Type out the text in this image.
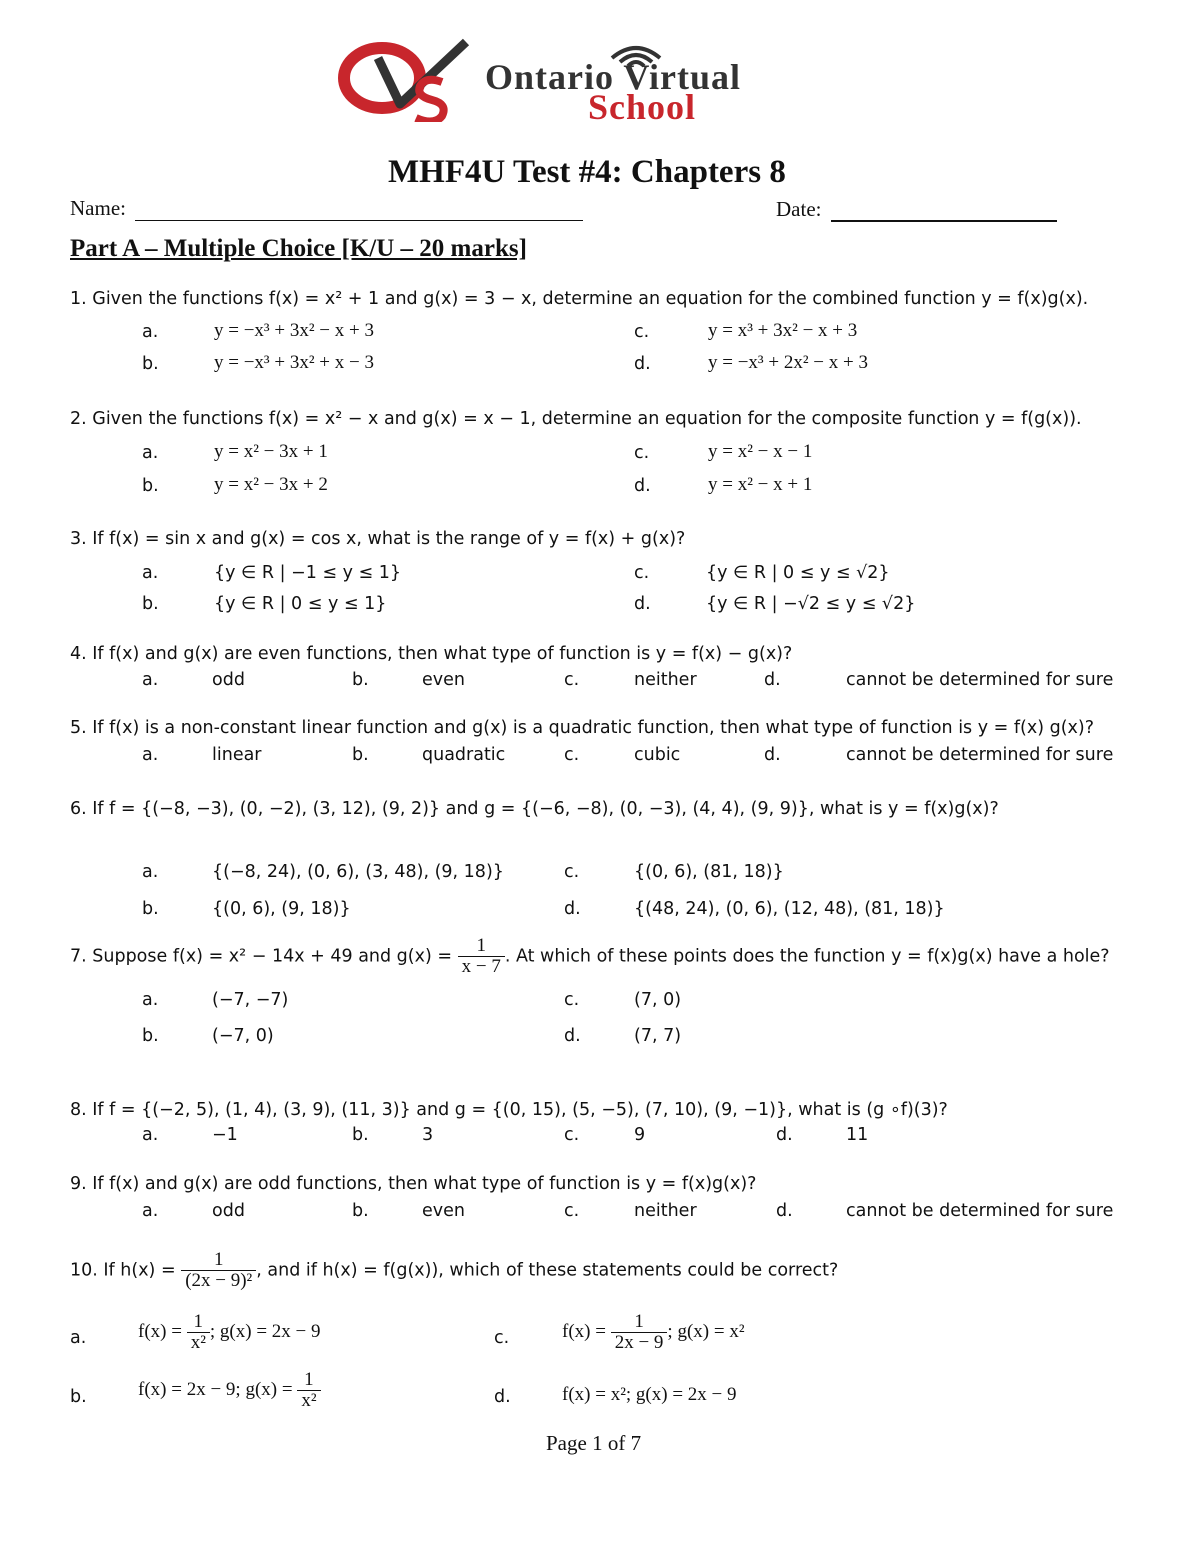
Ontario Virtual
School
MHF4U Test #4: Chapters 8
Name:	Date:
Part A – Multiple Choice [K/U – 20 marks]
1. Given the functions f(x) = x² + 1 and g(x) = 3 − x, determine an equation for the combined function y = f(x)g(x).
a.	y = −x³ + 3x² − x + 3	c.	y = x³ + 3x² − x + 3
b.	y = −x³ + 3x² + x − 3	d.	y = −x³ + 2x² − x + 3
2. Given the functions f(x) = x² − x and g(x) = x − 1, determine an equation for the composite function y = f(g(x)).
a.	y = x² − 3x + 1	c.	y = x² − x − 1
b.	y = x² − 3x + 2	d.	y = x² − x + 1
3. If f(x) = sin x and g(x) = cos x, what is the range of y = f(x) + g(x)?
a.	{y ∈ R | −1 ≤ y ≤ 1}	c.	{y ∈ R | 0 ≤ y ≤ √2}
b.	{y ∈ R | 0 ≤ y ≤ 1}	d.	{y ∈ R | −√2 ≤ y ≤ √2}
4. If f(x) and g(x) are even functions, then what type of function is y = f(x) − g(x)?
a.	odd	b.	even	c.	neither	d.	cannot be determined for sure
5. If f(x) is a non-constant linear function and g(x) is a quadratic function, then what type of function is y = f(x) g(x)?
a.	linear	b.	quadratic	c.	cubic	d.	cannot be determined for sure
6. If f = {(−8, −3), (0, −2), (3, 12), (9, 2)} and g = {(−6, −8), (0, −3), (4, 4), (9, 9)}, what is y = f(x)g(x)?
a.	{(−8, 24), (0, 6), (3, 48), (9, 18)}	c.	{(0, 6), (81, 18)}
b.	{(0, 6), (9, 18)}	d.	{(48, 24), (0, 6), (12, 48), (81, 18)}
7. Suppose f(x) = x² − 14x + 49 and $g(x) = \frac{1}{x - 7}$ . At which of these points does the function y = f(x)g(x) have a hole?
a.	(−7, −7)	c.	(7, 0)
b.	(−7, 0)	d.	(7, 7)
8. If f = {(−2, 5), (1, 4), (3, 9), (11, 3)} and g = {(0, 15), (5, −5), (7, 10), (9, −1)}, what is (g ∘f)(3)?
a.	−1	b.	3	c.	9	d.	11
9. If f(x) and g(x) are odd functions, then what type of function is y = f(x)g(x)?
a.	odd	b.	even	c.	neither	d.	cannot be determined for sure
10. If $h(x) = \frac{1}{\text{(2x − 9)²}}$ , and if h(x) = f(g(x)), which of these statements could be correct?
a.	$f(x) = \frac{1}{\text{x²}}$ ; g(x) = 2x − 9	c.	$f(x) = \frac{1}{2x - 9}$ ; g(x) = x²
b.	f(x) = 2x − 9; $g(x) = \frac{1}{\text{x²}}$	d.	f(x) = x²; g(x) = 2x − 9
Page 1 of 7
